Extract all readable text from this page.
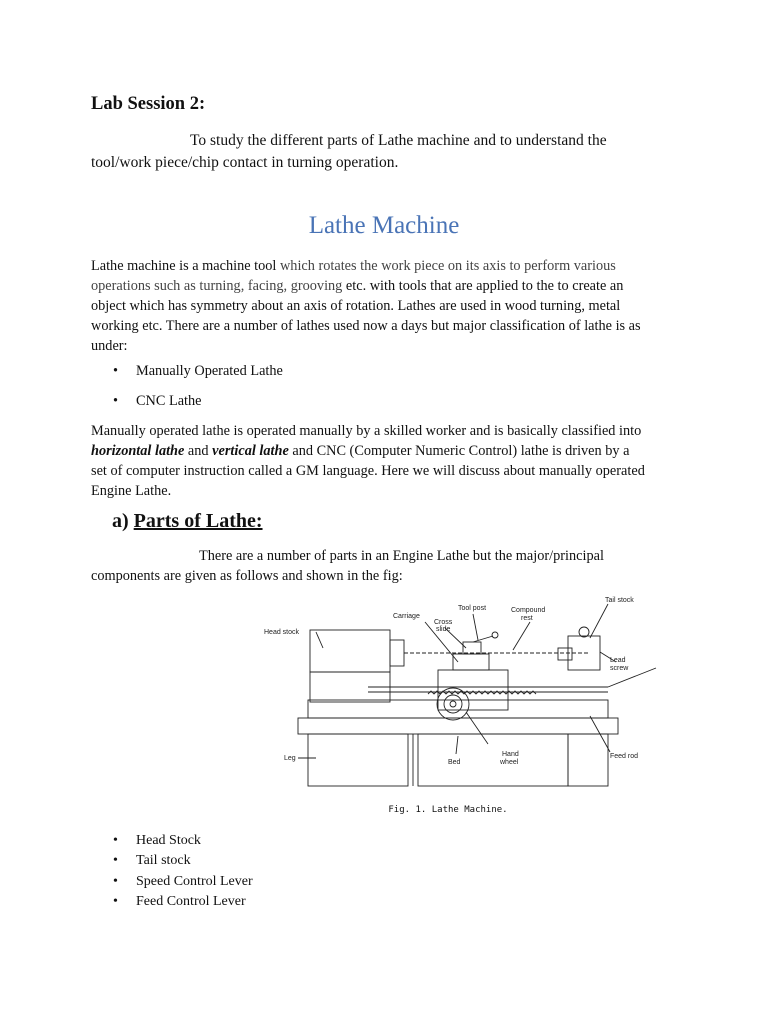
Lab Session 2:
To study the different parts of Lathe machine and to understand the
tool/work piece/chip contact in turning operation.
Lathe Machine
Lathe machine is a machine tool which rotates the work piece on its axis to perform various
operations such as turning, facing, grooving etc. with tools that are applied to the to create an
object which has symmetry about an axis of rotation. Lathes are used in wood turning, metal
working etc. There are a number of lathes used now a days but major classification of lathe is as
under:
• Manually Operated Lathe
• CNC Lathe
Manually operated lathe is operated manually by a skilled worker and is basically classified into
horizontal lathe and vertical lathe and CNC (Computer Numeric Control) lathe is driven by a
set of computer instruction called a GM language. Here we will discuss about manually operated
Engine Lathe.
a) Parts of Lathe:
There are a number of parts in an Engine Lathe but the major/principal
components are given as follows and shown in the fig:
Tail stock
Tool post	Compound
rest
Carriage
Cross
slide
Head stock
Lead
screw
Leg
Bed
Hand
wheel
Feed rod
Fig. 1. Lathe Machine.
• Head Stock
• Tail stock
• Speed Control Lever
• Feed Control Lever
